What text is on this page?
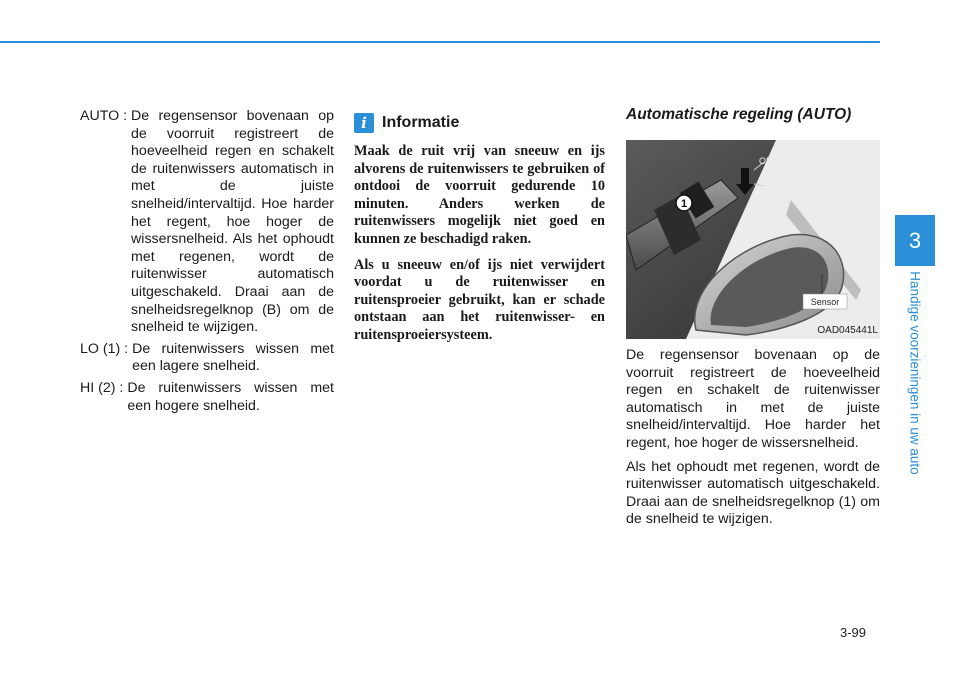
AUTO : De regensensor bovenaan op de voorruit registreert de hoeveelheid regen en schakelt de ruitenwissers automatisch in met de juiste snelheid/intervaltijd. Hoe harder het regent, hoe hoger de wissersnelheid. Als het ophoudt met regenen, wordt de ruitenwisser automatisch uitgeschakeld. Draai aan de snelheidsregelknop (B) om de snelheid te wijzigen.
LO (1) : De ruitenwissers wissen met een lagere snelheid.
HI (2) : De ruitenwissers wissen met een hogere snelheid.
i Informatie

Maak de ruit vrij van sneeuw en ijs alvorens de ruitenwissers te gebruiken of ontdooi de voorruit gedurende 10 minuten. Anders werken de ruitenwissers mogelijk niet goed en kunnen ze beschadigd raken.

Als u sneeuw en/of ijs niet verwijdert voordat u de ruitenwisser en ruitensproeier gebruikt, kan er schade ontstaan aan het ruitenwisser- en ruitensproeiersysteem.

Automatische regeling (AUTO)
1
OFF
AUTO
Sensor
OAD045441L

De regensensor bovenaan op de voorruit registreert de hoeveelheid regen en schakelt de ruitenwisser automatisch in met de juiste snelheid/intervaltijd. Hoe harder het regent, hoe hoger de wissersnelheid.

Als het ophoudt met regenen, wordt de ruitenwisser automatisch uitgeschakeld. Draai aan de snelheidsregelknop (1) om de snelheid te wijzigen.

3
Handige voorzieningen in uw auto
3-99
